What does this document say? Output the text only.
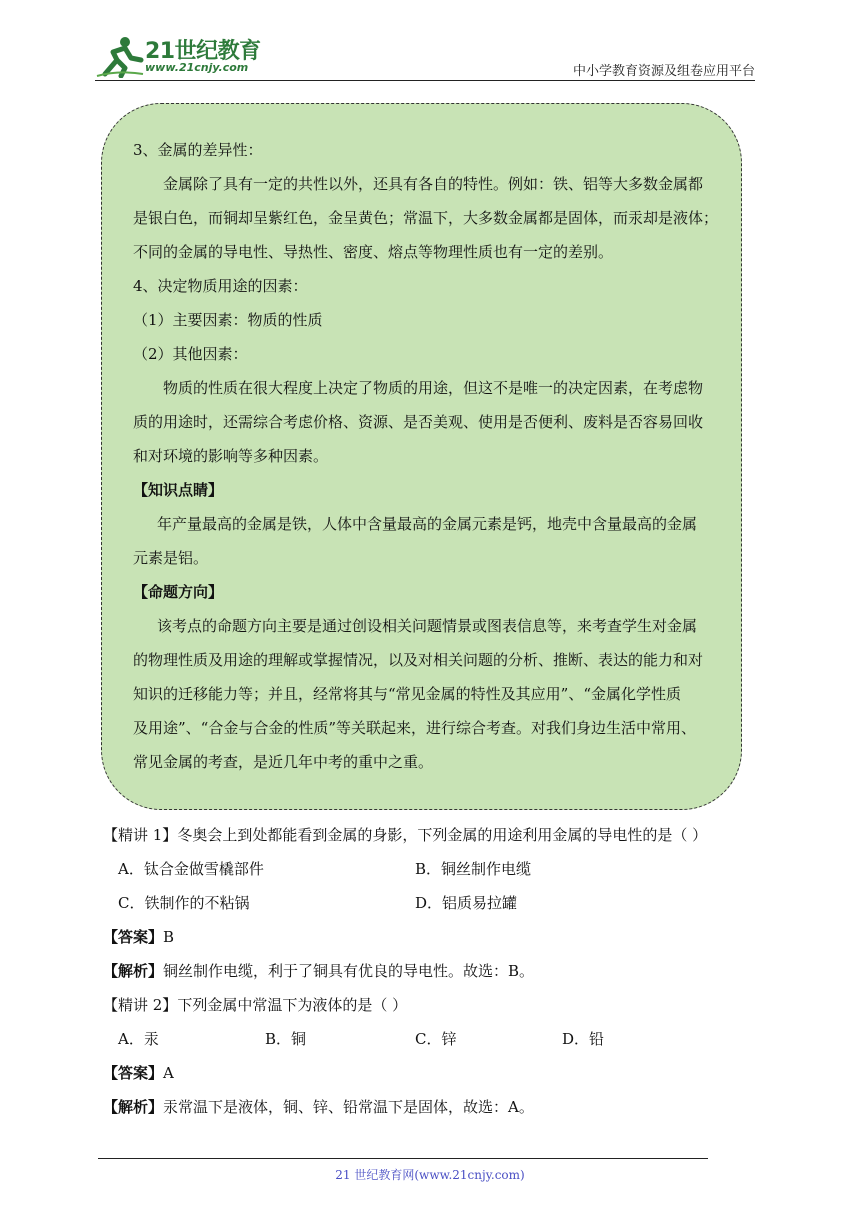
21世纪教育
www.21cnjy.com	中小学教育资源及组卷应用平台
3、金属的差异性：
金属除了具有一定的共性以外，还具有各自的特性。例如：铁、铝等大多数金属都
是银白色，而铜却呈紫红色，金呈黄色；常温下，大多数金属都是固体，而汞却是液体；
不同的金属的导电性、导热性、密度、熔点等物理性质也有一定的差别。
4、决定物质用途的因素：
（1）主要因素：物质的性质
（2）其他因素：
物质的性质在很大程度上决定了物质的用途，但这不是唯一的决定因素，在考虑物
质的用途时，还需综合考虑价格、资源、是否美观、使用是否便利、废料是否容易回收
和对环境的影响等多种因素。
【知识点睛】
年产量最高的金属是铁，人体中含量最高的金属元素是钙，地壳中含量最高的金属
元素是铝。
【命题方向】
该考点的命题方向主要是通过创设相关问题情景或图表信息等，来考查学生对金属
的物理性质及用途的理解或掌握情况，以及对相关问题的分析、推断、表达的能力和对
知识的迁移能力等；并且，经常将其与“常见金属的特性及其应用”、“金属化学性质
及用途”、“合金与合金的性质”等关联起来，进行综合考查。对我们身边生活中常用、
常见金属的考查，是近几年中考的重中之重。
【精讲 1】冬奥会上到处都能看到金属的身影，下列金属的用途利用金属的导电性的是（ ）
A．钛合金做雪橇部件	B．铜丝制作电缆
C．铁制作的不粘锅	D．铝质易拉罐
【答案】B
【解析】铜丝制作电缆，利于了铜具有优良的导电性。故选：B。
【精讲 2】下列金属中常温下为液体的是（ ）
A．汞	B．铜	C．锌	D．铅
【答案】A
【解析】汞常温下是液体，铜、锌、铅常温下是固体，故选：A。
21 世纪教育网(www.21cnjy.com)
